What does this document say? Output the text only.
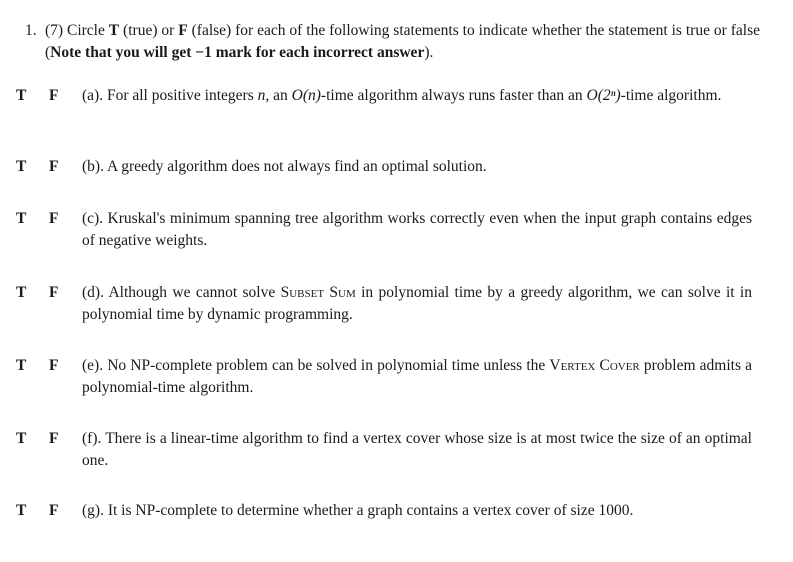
1. (7) Circle T (true) or F (false) for each of the following statements to indicate whether the statement is true or false (Note that you will get −1 mark for each incorrect answer).
T F (a). For all positive integers n, an O(n)-time algorithm always runs faster than an O(2ⁿ)-time algorithm.
T F (b). A greedy algorithm does not always find an optimal solution.
T F (c). Kruskal's minimum spanning tree algorithm works correctly even when the input graph contains edges of negative weights.
T F (d). Although we cannot solve Subset Sum in polynomial time by a greedy algorithm, we can solve it in polynomial time by dynamic programming.
T F (e). No NP-complete problem can be solved in polynomial time unless the Vertex Cover problem admits a polynomial-time algorithm.
T F (f). There is a linear-time algorithm to find a vertex cover whose size is at most twice the size of an optimal one.
T F (g). It is NP-complete to determine whether a graph contains a vertex cover of size 1000.
